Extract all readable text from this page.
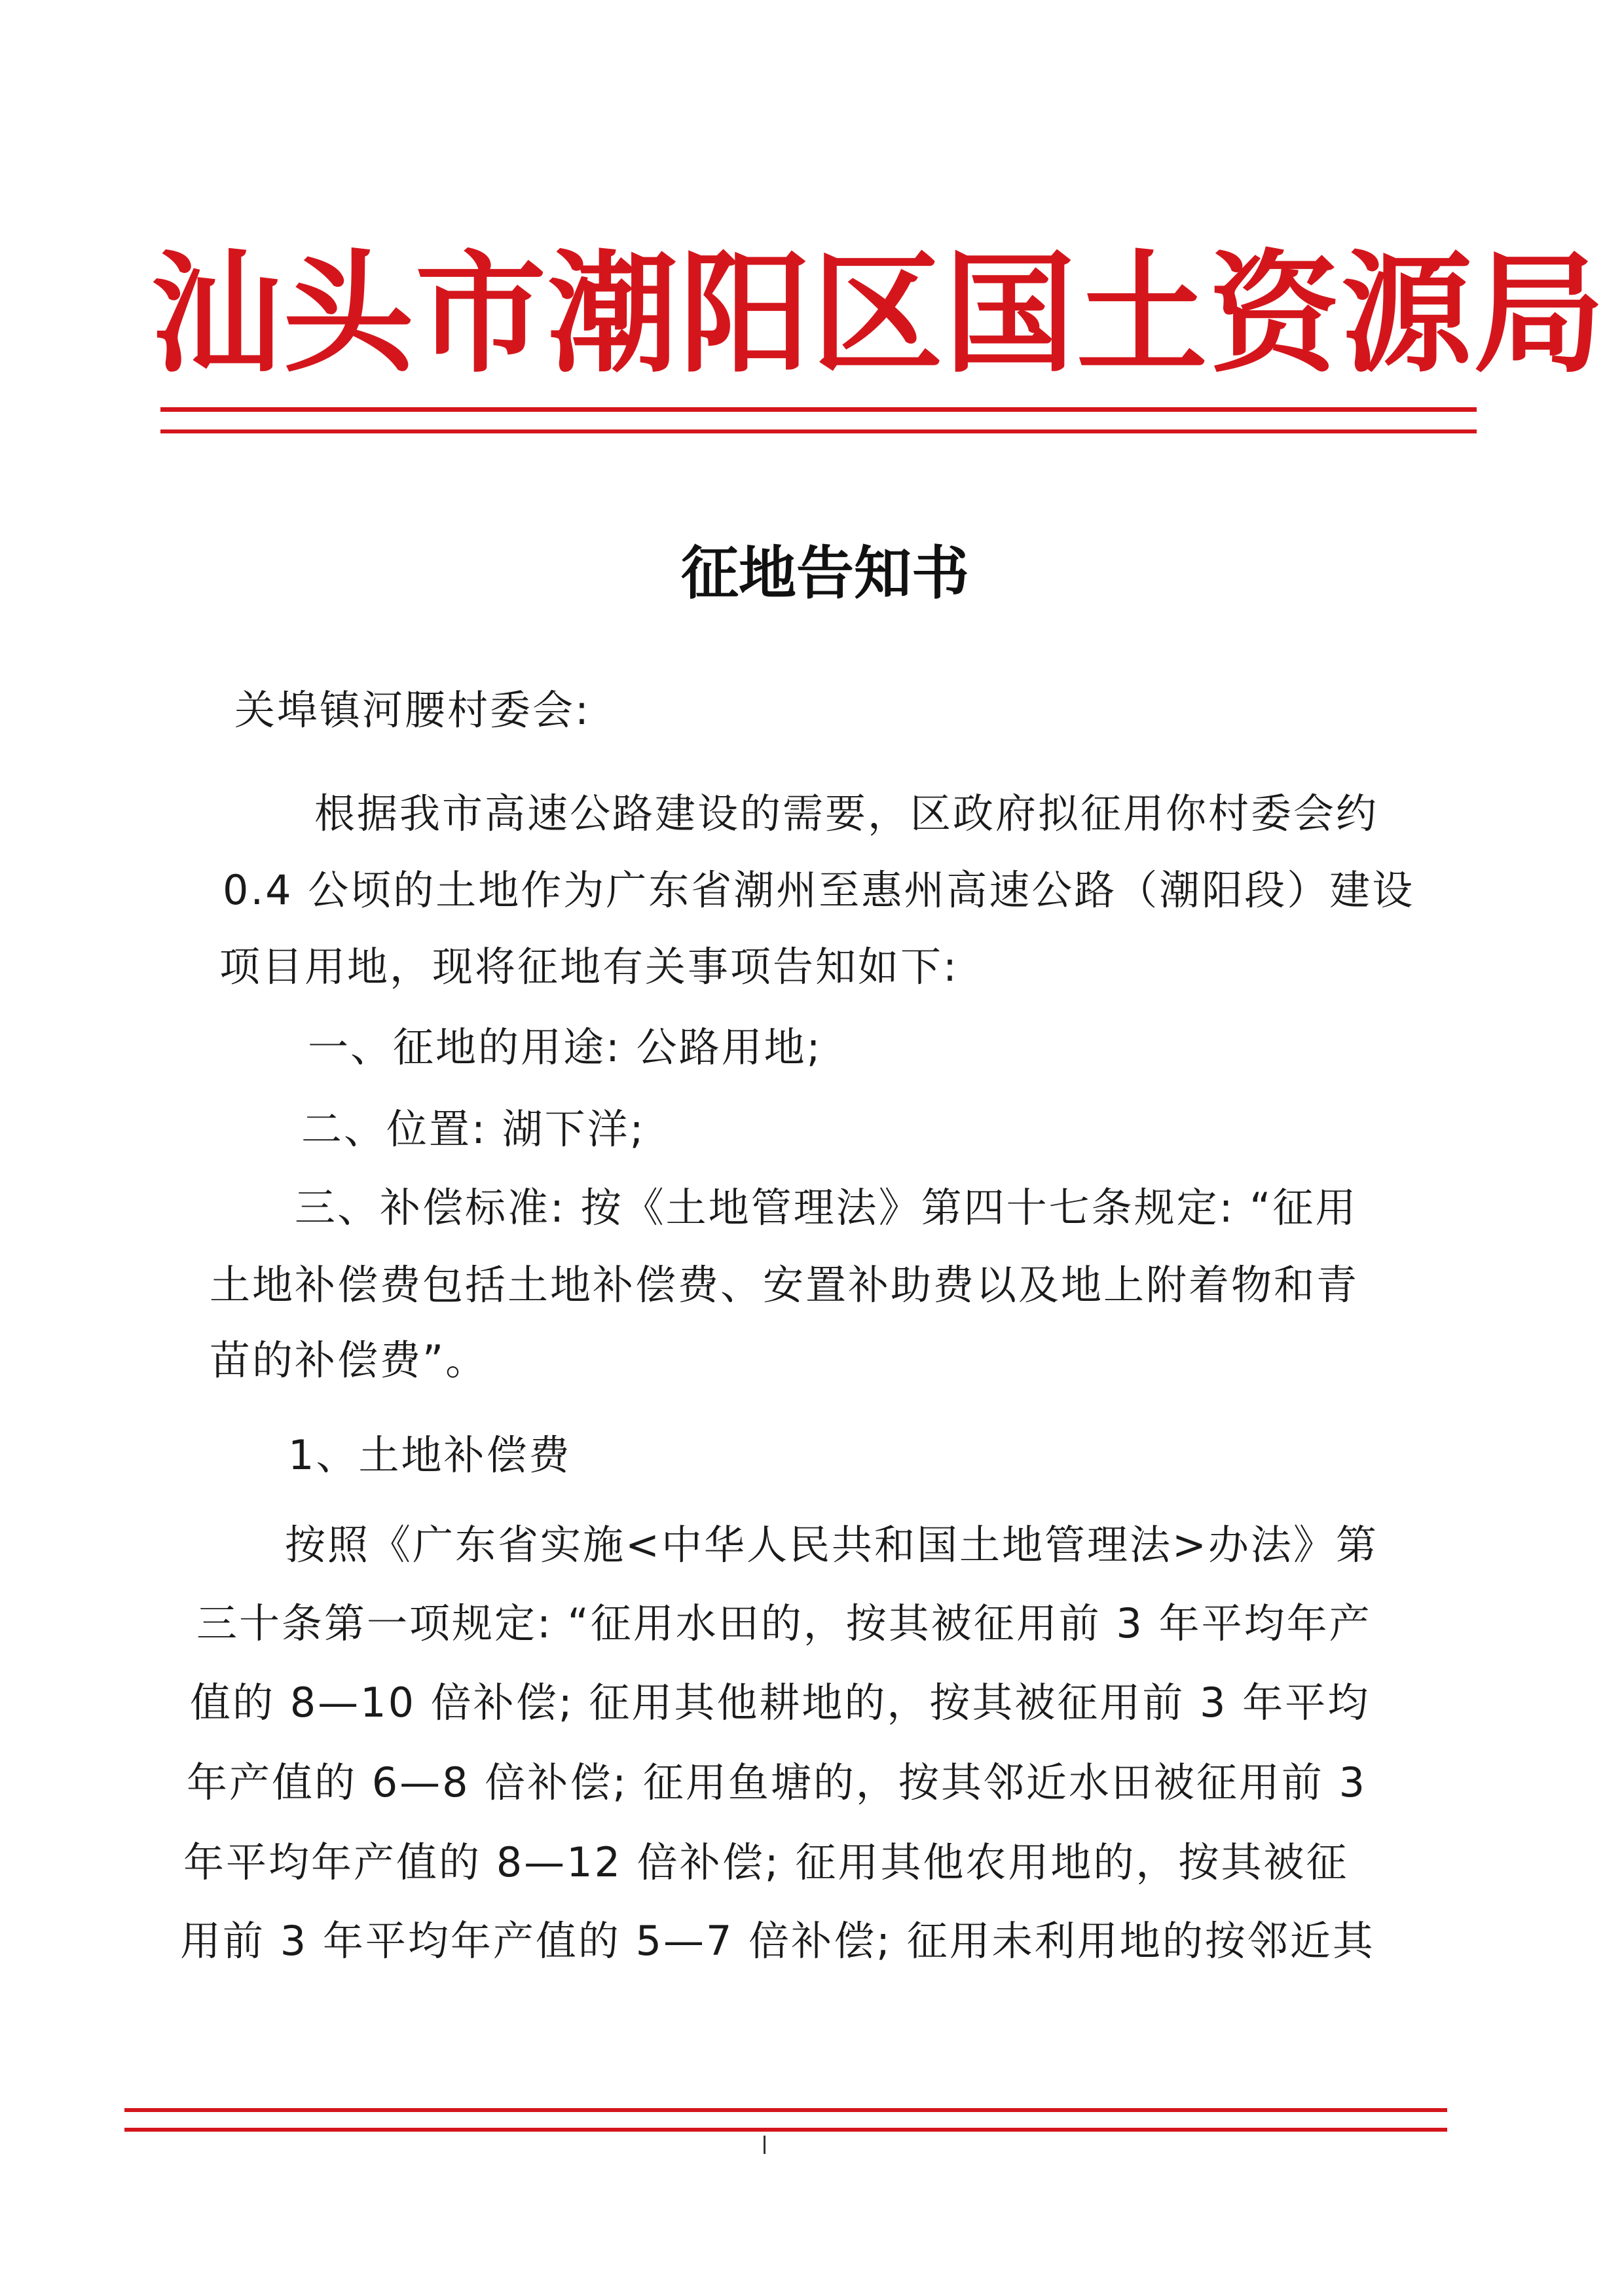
汕头市潮阳区国土资源局
征地告知书

关埠镇河腰村委会:

根据我市高速公路建设的需要，区政府拟征用你村委会约

0.4 公顷的土地作为广东省潮州至惠州高速公路（潮阳段）建设

项目用地，现将征地有关事项告知如下:

一、征地的用途: 公路用地;

二、位置: 湖下洋;

三、补偿标准: 按《土地管理法》第四十七条规定: “征用

土地补偿费包括土地补偿费、安置补助费以及地上附着物和青

苗的补偿费”。

1、土地补偿费

按照《广东省实施<中华人民共和国土地管理法>办法》第

三十条第一项规定: “征用水田的，按其被征用前 3 年平均年产

值的 8—10 倍补偿; 征用其他耕地的，按其被征用前 3 年平均

年产值的 6—8 倍补偿; 征用鱼塘的，按其邻近水田被征用前 3

年平均年产值的 8—12 倍补偿; 征用其他农用地的，按其被征

用前 3 年平均年产值的 5—7 倍补偿; 征用未利用地的按邻近其
